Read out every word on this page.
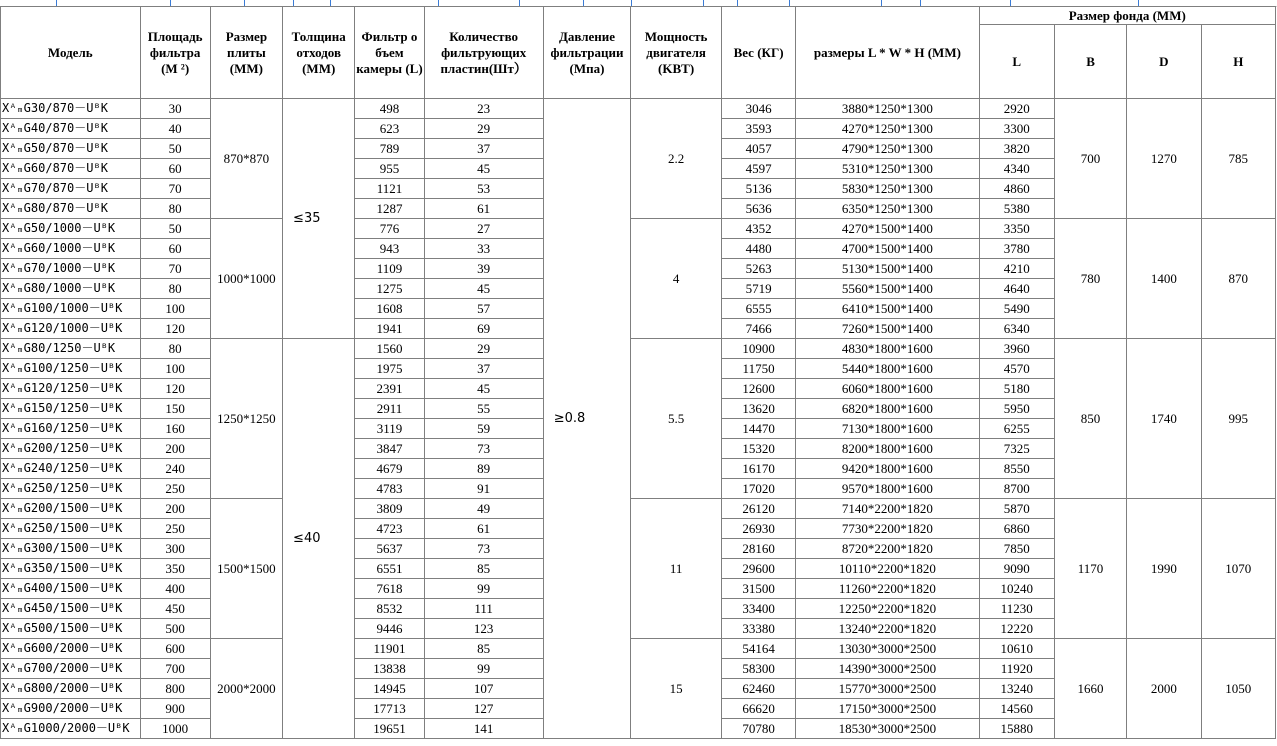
Модель	Площадь фильтра (M ²)	Размер плиты (MM)	Толщина отходов (MM)	Фильтр о бъем камеры (L)	Количество фильтрующих пластин(Шт）	Давление фильтрации (Mпа)	Мощность двигателя (KBT)	Вес (КГ)	размеры L * W * H (MM)	Размер фонда (MM)			
										L	B	D	H
XᴬₘG30/870－UᴮK	30	870*870	≤35	498	23	≥0.8	2.2	3046	3880*1250*1300	2920	700	1270	785
XᴬₘG40/870－UᴮK	40			623	29			3593	4270*1250*1300	3300			
XᴬₘG50/870－UᴮK	50			789	37			4057	4790*1250*1300	3820			
XᴬₘG60/870－UᴮK	60			955	45			4597	5310*1250*1300	4340			
XᴬₘG70/870－UᴮK	70			1121	53			5136	5830*1250*1300	4860			
XᴬₘG80/870－UᴮK	80			1287	61			5636	6350*1250*1300	5380			
XᴬₘG50/1000－UᴮK	50	1000*1000		776	27		4	4352	4270*1500*1400	3350	780	1400	870
XᴬₘG60/1000－UᴮK	60			943	33			4480	4700*1500*1400	3780			
XᴬₘG70/1000－UᴮK	70			1109	39			5263	5130*1500*1400	4210			
XᴬₘG80/1000－UᴮK	80			1275	45			5719	5560*1500*1400	4640			
XᴬₘG100/1000－UᴮK	100			1608	57			6555	6410*1500*1400	5490			
XᴬₘG120/1000－UᴮK	120			1941	69			7466	7260*1500*1400	6340			
XᴬₘG80/1250－UᴮK	80	1250*1250	≤40	1560	29		5.5	10900	4830*1800*1600	3960	850	1740	995
XᴬₘG100/1250－UᴮK	100			1975	37			11750	5440*1800*1600	4570			
XᴬₘG120/1250－UᴮK	120			2391	45			12600	6060*1800*1600	5180			
XᴬₘG150/1250－UᴮK	150			2911	55			13620	6820*1800*1600	5950			
XᴬₘG160/1250－UᴮK	160			3119	59			14470	7130*1800*1600	6255			
XᴬₘG200/1250－UᴮK	200			3847	73			15320	8200*1800*1600	7325			
XᴬₘG240/1250－UᴮK	240			4679	89			16170	9420*1800*1600	8550			
XᴬₘG250/1250－UᴮK	250			4783	91			17020	9570*1800*1600	8700			
XᴬₘG200/1500－UᴮK	200	1500*1500		3809	49		11	26120	7140*2200*1820	5870	1170	1990	1070
XᴬₘG250/1500－UᴮK	250			4723	61			26930	7730*2200*1820	6860			
XᴬₘG300/1500－UᴮK	300			5637	73			28160	8720*2200*1820	7850			
XᴬₘG350/1500－UᴮK	350			6551	85			29600	10110*2200*1820	9090			
XᴬₘG400/1500－UᴮK	400			7618	99			31500	11260*2200*1820	10240			
XᴬₘG450/1500－UᴮK	450			8532	111			33400	12250*2200*1820	11230			
XᴬₘG500/1500－UᴮK	500			9446	123			33380	13240*2200*1820	12220			
XᴬₘG600/2000－UᴮK	600	2000*2000		11901	85		15	54164	13030*3000*2500	10610	1660	2000	1050
XᴬₘG700/2000－UᴮK	700			13838	99			58300	14390*3000*2500	11920			
XᴬₘG800/2000－UᴮK	800			14945	107			62460	15770*3000*2500	13240			
XᴬₘG900/2000－UᴮK	900			17713	127			66620	17150*3000*2500	14560			
XᴬₘG1000/2000－UᴮK	1000			19651	141			70780	18530*3000*2500	15880			
